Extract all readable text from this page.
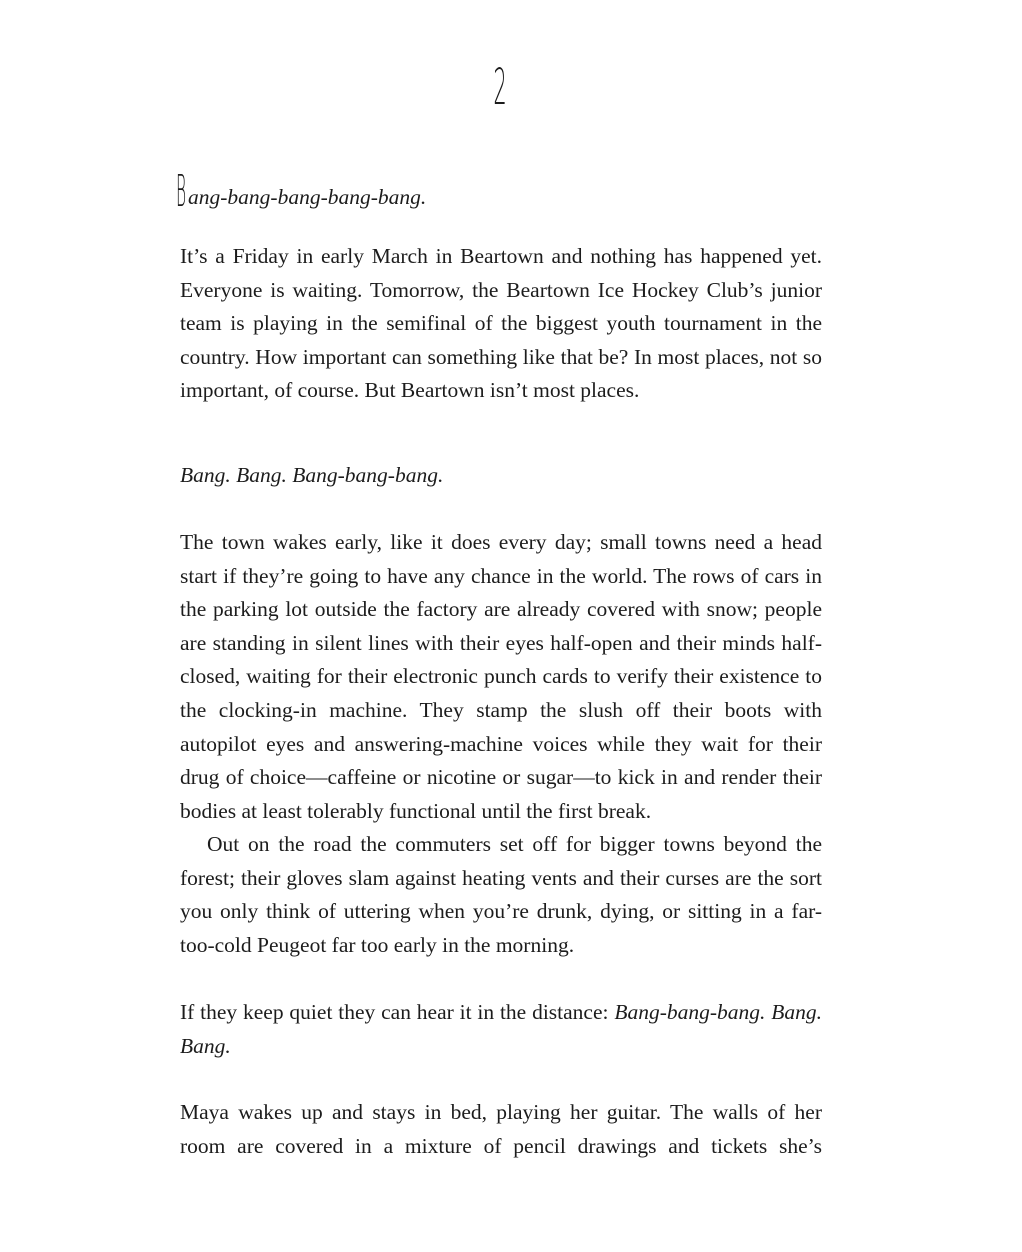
2
Bang-bang-bang-bang-bang.

It’s a Friday in early March in Beartown and nothing has happened yet. Everyone is waiting. Tomorrow, the Beartown Ice Hockey Club’s junior team is playing in the semifinal of the biggest youth tournament in the country. How important can something like that be? In most places, not so important, of course. But Beartown isn’t most places.

Bang. Bang. Bang-bang-bang.

The town wakes early, like it does every day; small towns need a head start if they’re going to have any chance in the world. The rows of cars in the parking lot outside the factory are already covered with snow; people are standing in silent lines with their eyes half-open and their minds half-closed, waiting for their electronic punch cards to verify their existence to the clocking-in machine. They stamp the slush off their boots with autopilot eyes and answering-machine voices while they wait for their drug of choice—caffeine or nicotine or sugar—to kick in and render their bodies at least tolerably functional until the first break.

Out on the road the commuters set off for bigger towns beyond the forest; their gloves slam against heating vents and their curses are the sort you only think of uttering when you’re drunk, dying, or sitting in a far-too-cold Peugeot far too early in the morning.

If they keep quiet they can hear it in the distance: Bang-bang-bang. Bang. Bang.

Maya wakes up and stays in bed, playing her guitar. The walls of her room are covered in a mixture of pencil drawings and tickets she’s
